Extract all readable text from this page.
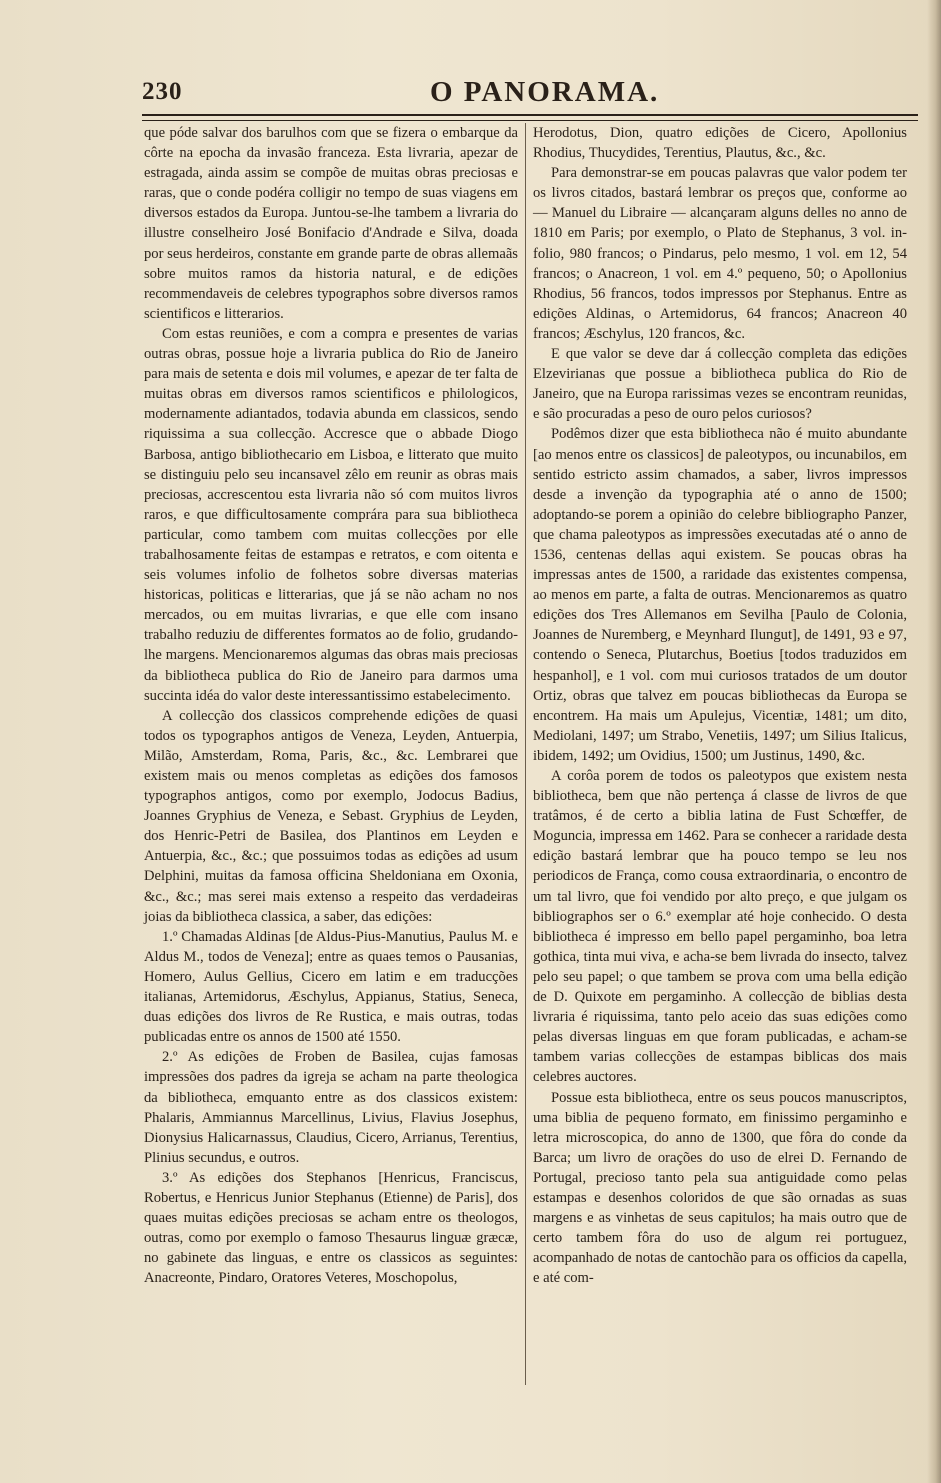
230	O PANORAMA.

que póde salvar dos barulhos com que se fizera o embarque da côrte na epocha da invasão franceza. Esta livraria, apezar de estragada, ainda assim se compõe de muitas obras preciosas e raras, que o conde podéra colligir no tempo de suas viagens em diversos estados da Europa. Juntou-se-lhe tambem a livraria do illustre conselheiro José Bonifacio d'Andrade e Silva, doada por seus herdeiros, constante em grande parte de obras allemaãs sobre muitos ramos da historia natural, e de edições recommendaveis de celebres typographos sobre diversos ramos scientificos e litterarios.

Com estas reuniões, e com a compra e presentes de varias outras obras, possue hoje a livraria publica do Rio de Janeiro para mais de setenta e dois mil volumes, e apezar de ter falta de muitas obras em diversos ramos scientificos e philologicos, modernamente adiantados, todavia abunda em classicos, sendo riquissima a sua collecção. Accresce que o abbade Diogo Barbosa, antigo bibliothecario em Lisboa, e litterato que muito se distinguiu pelo seu incansavel zêlo em reunir as obras mais preciosas, accrescentou esta livraria não só com muitos livros raros, e que difficultosamente comprára para sua bibliotheca particular, como tambem com muitas collecções por elle trabalhosamente feitas de estampas e retratos, e com oitenta e seis volumes infolio de folhetos sobre diversas materias historicas, politicas e litterarias, que já se não acham no nos mercados, ou em muitas livrarias, e que elle com insano trabalho reduziu de differentes formatos ao de folio, grudando-lhe margens. Mencionaremos algumas das obras mais preciosas da bibliotheca publica do Rio de Janeiro para darmos uma succinta idéa do valor deste interessantissimo estabelecimento.

A collecção dos classicos comprehende edições de quasi todos os typographos antigos de Veneza, Leyden, Antuerpia, Milão, Amsterdam, Roma, Paris, &c., &c. Lembrarei que existem mais ou menos completas as edições dos famosos typographos antigos, como por exemplo, Jodocus Badius, Joannes Gryphius de Veneza, e Sebast. Gryphius de Leyden, dos Henric-Petri de Basilea, dos Plantinos em Leyden e Antuerpia, &c., &c.; que possuimos todas as edições ad usum Delphini, muitas da famosa officina Sheldoniana em Oxonia, &c., &c.; mas serei mais extenso a respeito das verdadeiras joias da bibliotheca classica, a saber, das edições:

1.º Chamadas Aldinas [de Aldus-Pius-Manutius, Paulus M. e Aldus M., todos de Veneza]; entre as quaes temos o Pausanias, Homero, Aulus Gellius, Cicero em latim e em traducções italianas, Artemidorus, Æschylus, Appianus, Statius, Seneca, duas edições dos livros de Re Rustica, e mais outras, todas publicadas entre os annos de 1500 até 1550.

2.º As edições de Froben de Basilea, cujas famosas impressões dos padres da igreja se acham na parte theologica da bibliotheca, emquanto entre as dos classicos existem: Phalaris, Ammiannus Marcellinus, Livius, Flavius Josephus, Dionysius Halicarnassus, Claudius, Cicero, Arrianus, Terentius, Plinius secundus, e outros.

3.º As edições dos Stephanos [Henricus, Franciscus, Robertus, e Henricus Junior Stephanus (Etienne) de Paris], dos quaes muitas edições preciosas se acham entre os theologos, outras, como por exemplo o famoso Thesaurus linguæ græcæ, no gabinete das linguas, e entre os classicos as seguintes: Anacreonte, Pindaro, Oratores Veteres, Moschopolus,

Herodotus, Dion, quatro edições de Cicero, Apollonius Rhodius, Thucydides, Terentius, Plautus, &c., &c.

Para demonstrar-se em poucas palavras que valor podem ter os livros citados, bastará lembrar os preços que, conforme ao — Manuel du Libraire — alcançaram alguns delles no anno de 1810 em Paris; por exemplo, o Plato de Stephanus, 3 vol. in-folio, 980 francos; o Pindarus, pelo mesmo, 1 vol. em 12, 54 francos; o Anacreon, 1 vol. em 4.º pequeno, 50; o Apollonius Rhodius, 56 francos, todos impressos por Stephanus. Entre as edições Aldinas, o Artemidorus, 64 francos; Anacreon 40 francos; Æschylus, 120 francos, &c.

E que valor se deve dar á collecção completa das edições Elzevirianas que possue a bibliotheca publica do Rio de Janeiro, que na Europa rarissimas vezes se encontram reunidas, e são procuradas a peso de ouro pelos curiosos?

Podêmos dizer que esta bibliotheca não é muito abundante [ao menos entre os classicos] de paleotypos, ou incunabilos, em sentido estricto assim chamados, a saber, livros impressos desde a invenção da typographia até o anno de 1500; adoptando-se porem a opinião do celebre bibliographo Panzer, que chama paleotypos as impressões executadas até o anno de 1536, centenas dellas aqui existem. Se poucas obras ha impressas antes de 1500, a raridade das existentes compensa, ao menos em parte, a falta de outras. Mencionaremos as quatro edições dos Tres Allemanos em Sevilha [Paulo de Colonia, Joannes de Nuremberg, e Meynhard Ilungut], de 1491, 93 e 97, contendo o Seneca, Plutarchus, Boetius [todos traduzidos em hespanhol], e 1 vol. com mui curiosos tratados de um doutor Ortiz, obras que talvez em poucas bibliothecas da Europa se encontrem. Ha mais um Apulejus, Vicentiæ, 1481; um dito, Mediolani, 1497; um Strabo, Venetiis, 1497; um Silius Italicus, ibidem, 1492; um Ovidius, 1500; um Justinus, 1490, &c.

A corôa porem de todos os paleotypos que existem nesta bibliotheca, bem que não pertença á classe de livros de que tratâmos, é de certo a biblia latina de Fust Schœffer, de Moguncia, impressa em 1462. Para se conhecer a raridade desta edição bastará lembrar que ha pouco tempo se leu nos periodicos de França, como cousa extraordinaria, o encontro de um tal livro, que foi vendido por alto preço, e que julgam os bibliographos ser o 6.º exemplar até hoje conhecido. O desta bibliotheca é impresso em bello papel pergaminho, boa letra gothica, tinta mui viva, e acha-se bem livrada do insecto, talvez pelo seu papel; o que tambem se prova com uma bella edição de D. Quixote em pergaminho. A collecção de biblias desta livraria é riquissima, tanto pelo aceio das suas edições como pelas diversas linguas em que foram publicadas, e acham-se tambem varias collecções de estampas biblicas dos mais celebres auctores.

Possue esta bibliotheca, entre os seus poucos manuscriptos, uma biblia de pequeno formato, em finissimo pergaminho e letra microscopica, do anno de 1300, que fôra do conde da Barca; um livro de orações do uso de elrei D. Fernando de Portugal, precioso tanto pela sua antiguidade como pelas estampas e desenhos coloridos de que são ornadas as suas margens e as vinhetas de seus capitulos; ha mais outro que de certo tambem fôra do uso de algum rei portuguez, acompanhado de notas de cantochão para os officios da capella, e até com-
